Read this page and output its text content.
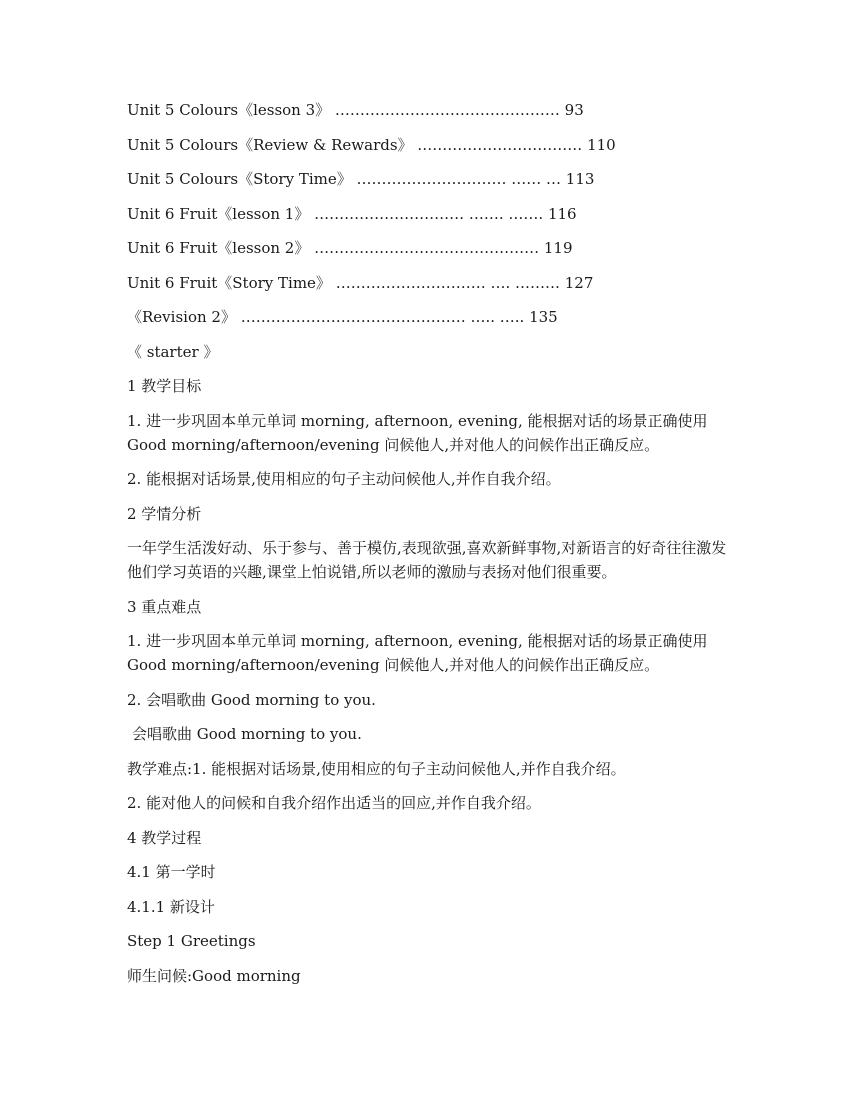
Unit 5 Colours《lesson 3》 ……………………………………… 93
Unit 5 Colours《Review & Rewards》 …………………………… 110
Unit 5 Colours《Story Time》 ………………………… …… … 113
Unit 6 Fruit《lesson 1》 ………………………… ……. ……. 116
Unit 6 Fruit《lesson 2》 ……………………………………… 119
Unit 6 Fruit《Story Time》 ………………………… …. ……… 127
《Revision 2》 ……………………………………… ….. ….. 135
《 starter 》
1 教学目标
1. 进一步巩固本单元单词 morning, afternoon, evening, 能根据对话的场景正确使用 Good morning/afternoon/evening 问候他人,并对他人的问候作出正确反应。
2. 能根据对话场景,使用相应的句子主动问候他人,并作自我介绍。
2 学情分析
一年学生活泼好动、乐于参与、善于模仿,表现欲强,喜欢新鲜事物,对新语言的好奇往往激发他们学习英语的兴趣,课堂上怕说错,所以老师的激励与表扬对他们很重要。
3 重点难点
1. 进一步巩固本单元单词 morning, afternoon, evening, 能根据对话的场景正确使用 Good morning/afternoon/evening 问候他人,并对他人的问候作出正确反应。
2. 会唱歌曲 Good morning to you.
会唱歌曲 Good morning to you.
教学难点:1. 能根据对话场景,使用相应的句子主动问候他人,并作自我介绍。
2. 能对他人的问候和自我介绍作出适当的回应,并作自我介绍。
4 教学过程
4.1 第一学时
4.1.1 新设计
Step 1 Greetings
师生问候:Good morning
